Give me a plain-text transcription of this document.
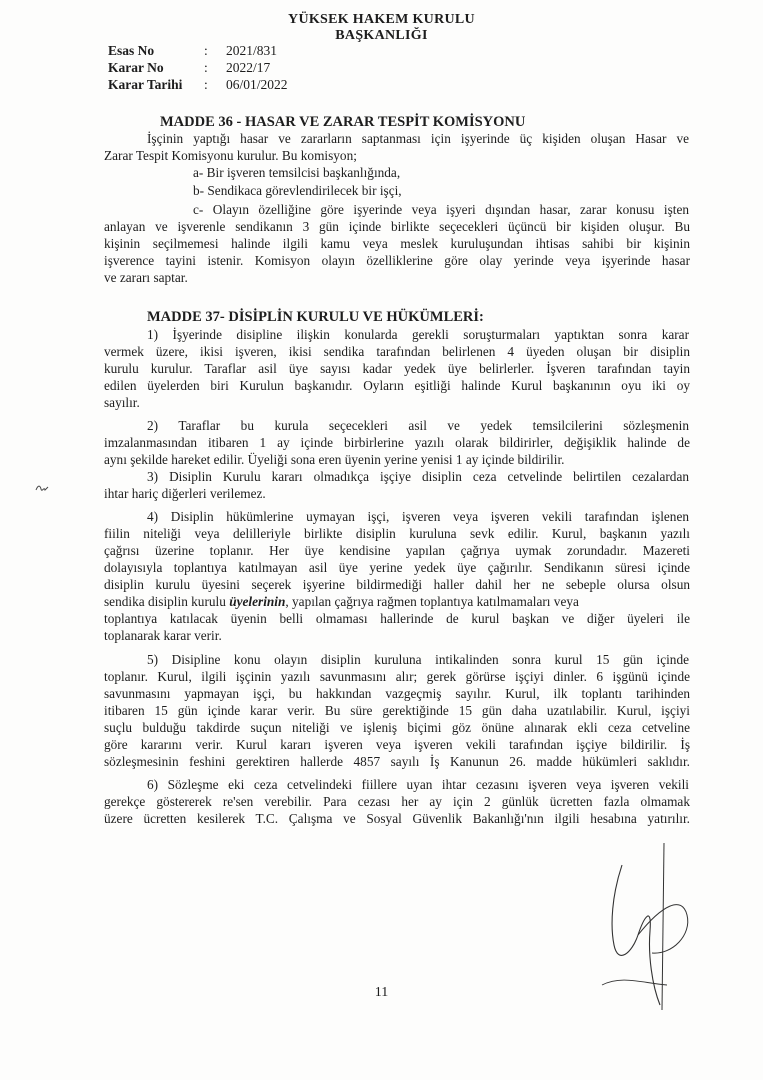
YÜKSEK HAKEM KURULU
BAŞKANLIĞI
Esas No	:	2021/831
Karar No	:	2022/17
Karar Tarihi	:	06/01/2022
MADDE 36 - HASAR VE ZARAR TESPİT KOMİSYONU
İşçinin yaptığı hasar ve zararların saptanması için işyerinde üç kişiden oluşan Hasar ve
Zarar Tespit Komisyonu kurulur. Bu komisyon;
a- Bir işveren temsilcisi başkanlığında,
b- Sendikaca görevlendirilecek bir işçi,
c- Olayın özelliğine göre işyerinde veya işyeri dışından hasar, zarar konusu işten
anlayan ve işverenle sendikanın 3 gün içinde birlikte seçecekleri üçüncü bir kişiden oluşur. Bu
kişinin seçilmemesi halinde ilgili kamu veya meslek kuruluşundan ihtisas sahibi bir kişinin
işverence tayini istenir. Komisyon olayın özelliklerine göre olay yerinde veya işyerinde hasar
ve zararı saptar.
MADDE 37- DİSİPLİN KURULU VE HÜKÜMLERİ:
1) İşyerinde disipline ilişkin konularda gerekli soruşturmaları yaptıktan sonra karar
vermek üzere, ikisi işveren, ikisi sendika tarafından belirlenen 4 üyeden oluşan bir disiplin
kurulu kurulur. Taraflar asil üye sayısı kadar yedek üye belirlerler. İşveren tarafından tayin
edilen üyelerden biri Kurulun başkanıdır. Oyların eşitliği halinde Kurul başkanının oyu iki oy
sayılır.
2) Taraflar bu kurula seçecekleri asil ve yedek temsilcilerini sözleşmenin
imzalanmasından itibaren 1 ay içinde birbirlerine yazılı olarak bildirirler, değişiklik halinde de
aynı şekilde hareket edilir. Üyeliği sona eren üyenin yerine yenisi 1 ay içinde bildirilir.
3) Disiplin Kurulu kararı olmadıkça işçiye disiplin ceza cetvelinde belirtilen cezalardan
ihtar hariç diğerleri verilemez.
4) Disiplin hükümlerine uymayan işçi, işveren veya işveren vekili tarafından işlenen
fiilin niteliği veya delilleriyle birlikte disiplin kuruluna sevk edilir. Kurul, başkanın yazılı
çağrısı üzerine toplanır. Her üye kendisine yapılan çağrıya uymak zorundadır. Mazereti
dolayısıyla toplantıya katılmayan asil üye yerine yedek üye çağırılır. Sendikanın süresi içinde
disiplin kurulu üyesini seçerek işyerine bildirmediği haller dahil her ne sebeple olursa olsun
sendika disiplin kurulu üyelerinin, yapılan çağrıya rağmen toplantıya katılmamaları veya
toplantıya katılacak üyenin belli olmaması hallerinde de kurul başkan ve diğer üyeleri ile
toplanarak karar verir.
5) Disipline konu olayın disiplin kuruluna intikalinden sonra kurul 15 gün içinde
toplanır. Kurul, ilgili işçinin yazılı savunmasını alır; gerek görürse işçiyi dinler. 6 işgünü içinde
savunmasını yapmayan işçi, bu hakkından vazgeçmiş sayılır. Kurul, ilk toplantı tarihinden
itibaren 15 gün içinde karar verir. Bu süre gerektiğinde 15 gün daha uzatılabilir. Kurul, işçiyi
suçlu bulduğu takdirde suçun niteliği ve işleniş biçimi göz önüne alınarak ekli ceza cetveline
göre kararını verir. Kurul kararı işveren veya işveren vekili tarafından işçiye bildirilir. İş
sözleşmesinin feshini gerektiren hallerde 4857 sayılı İş Kanunun 26. madde hükümleri saklıdır.
6) Sözleşme eki ceza cetvelindeki fiillere uyan ihtar cezasını işveren veya işveren vekili
gerekçe göstererek re'sen verebilir. Para cezası her ay için 2 günlük ücretten fazla olmamak
üzere ücretten kesilerek T.C. Çalışma ve Sosyal Güvenlik Bakanlığı'nın ilgili hesabına yatırılır.
11
